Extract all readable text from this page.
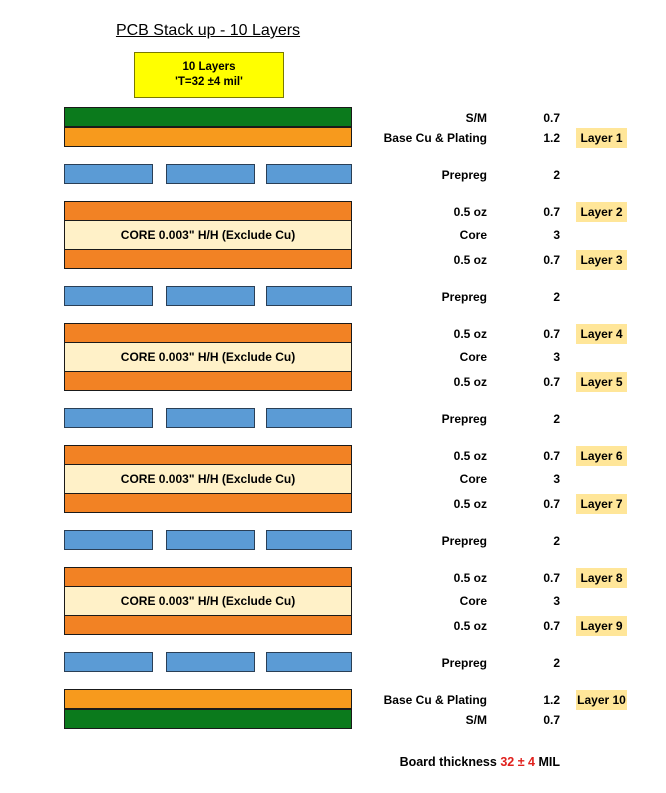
PCB Stack up - 10 Layers
10 Layers
'T=32 ±4 mil'
CORE 0.003" H/H (Exclude Cu)
CORE 0.003" H/H (Exclude Cu)
CORE 0.003" H/H (Exclude Cu)
CORE 0.003" H/H (Exclude Cu)
S/M	0.7
Base Cu & Plating	1.2	Layer 1
Prepreg	2
0.5 oz	0.7	Layer 2
Core	3
0.5 oz	0.7	Layer 3
Prepreg	2
0.5 oz	0.7	Layer 4
Core	3
0.5 oz	0.7	Layer 5
Prepreg	2
0.5 oz	0.7	Layer 6
Core	3
0.5 oz	0.7	Layer 7
Prepreg	2
0.5 oz	0.7	Layer 8
Core	3
0.5 oz	0.7	Layer 9
Prepreg	2
Base Cu & Plating	1.2 Layer 10
S/M	0.7
Board thickness 32 ± 4 MIL
